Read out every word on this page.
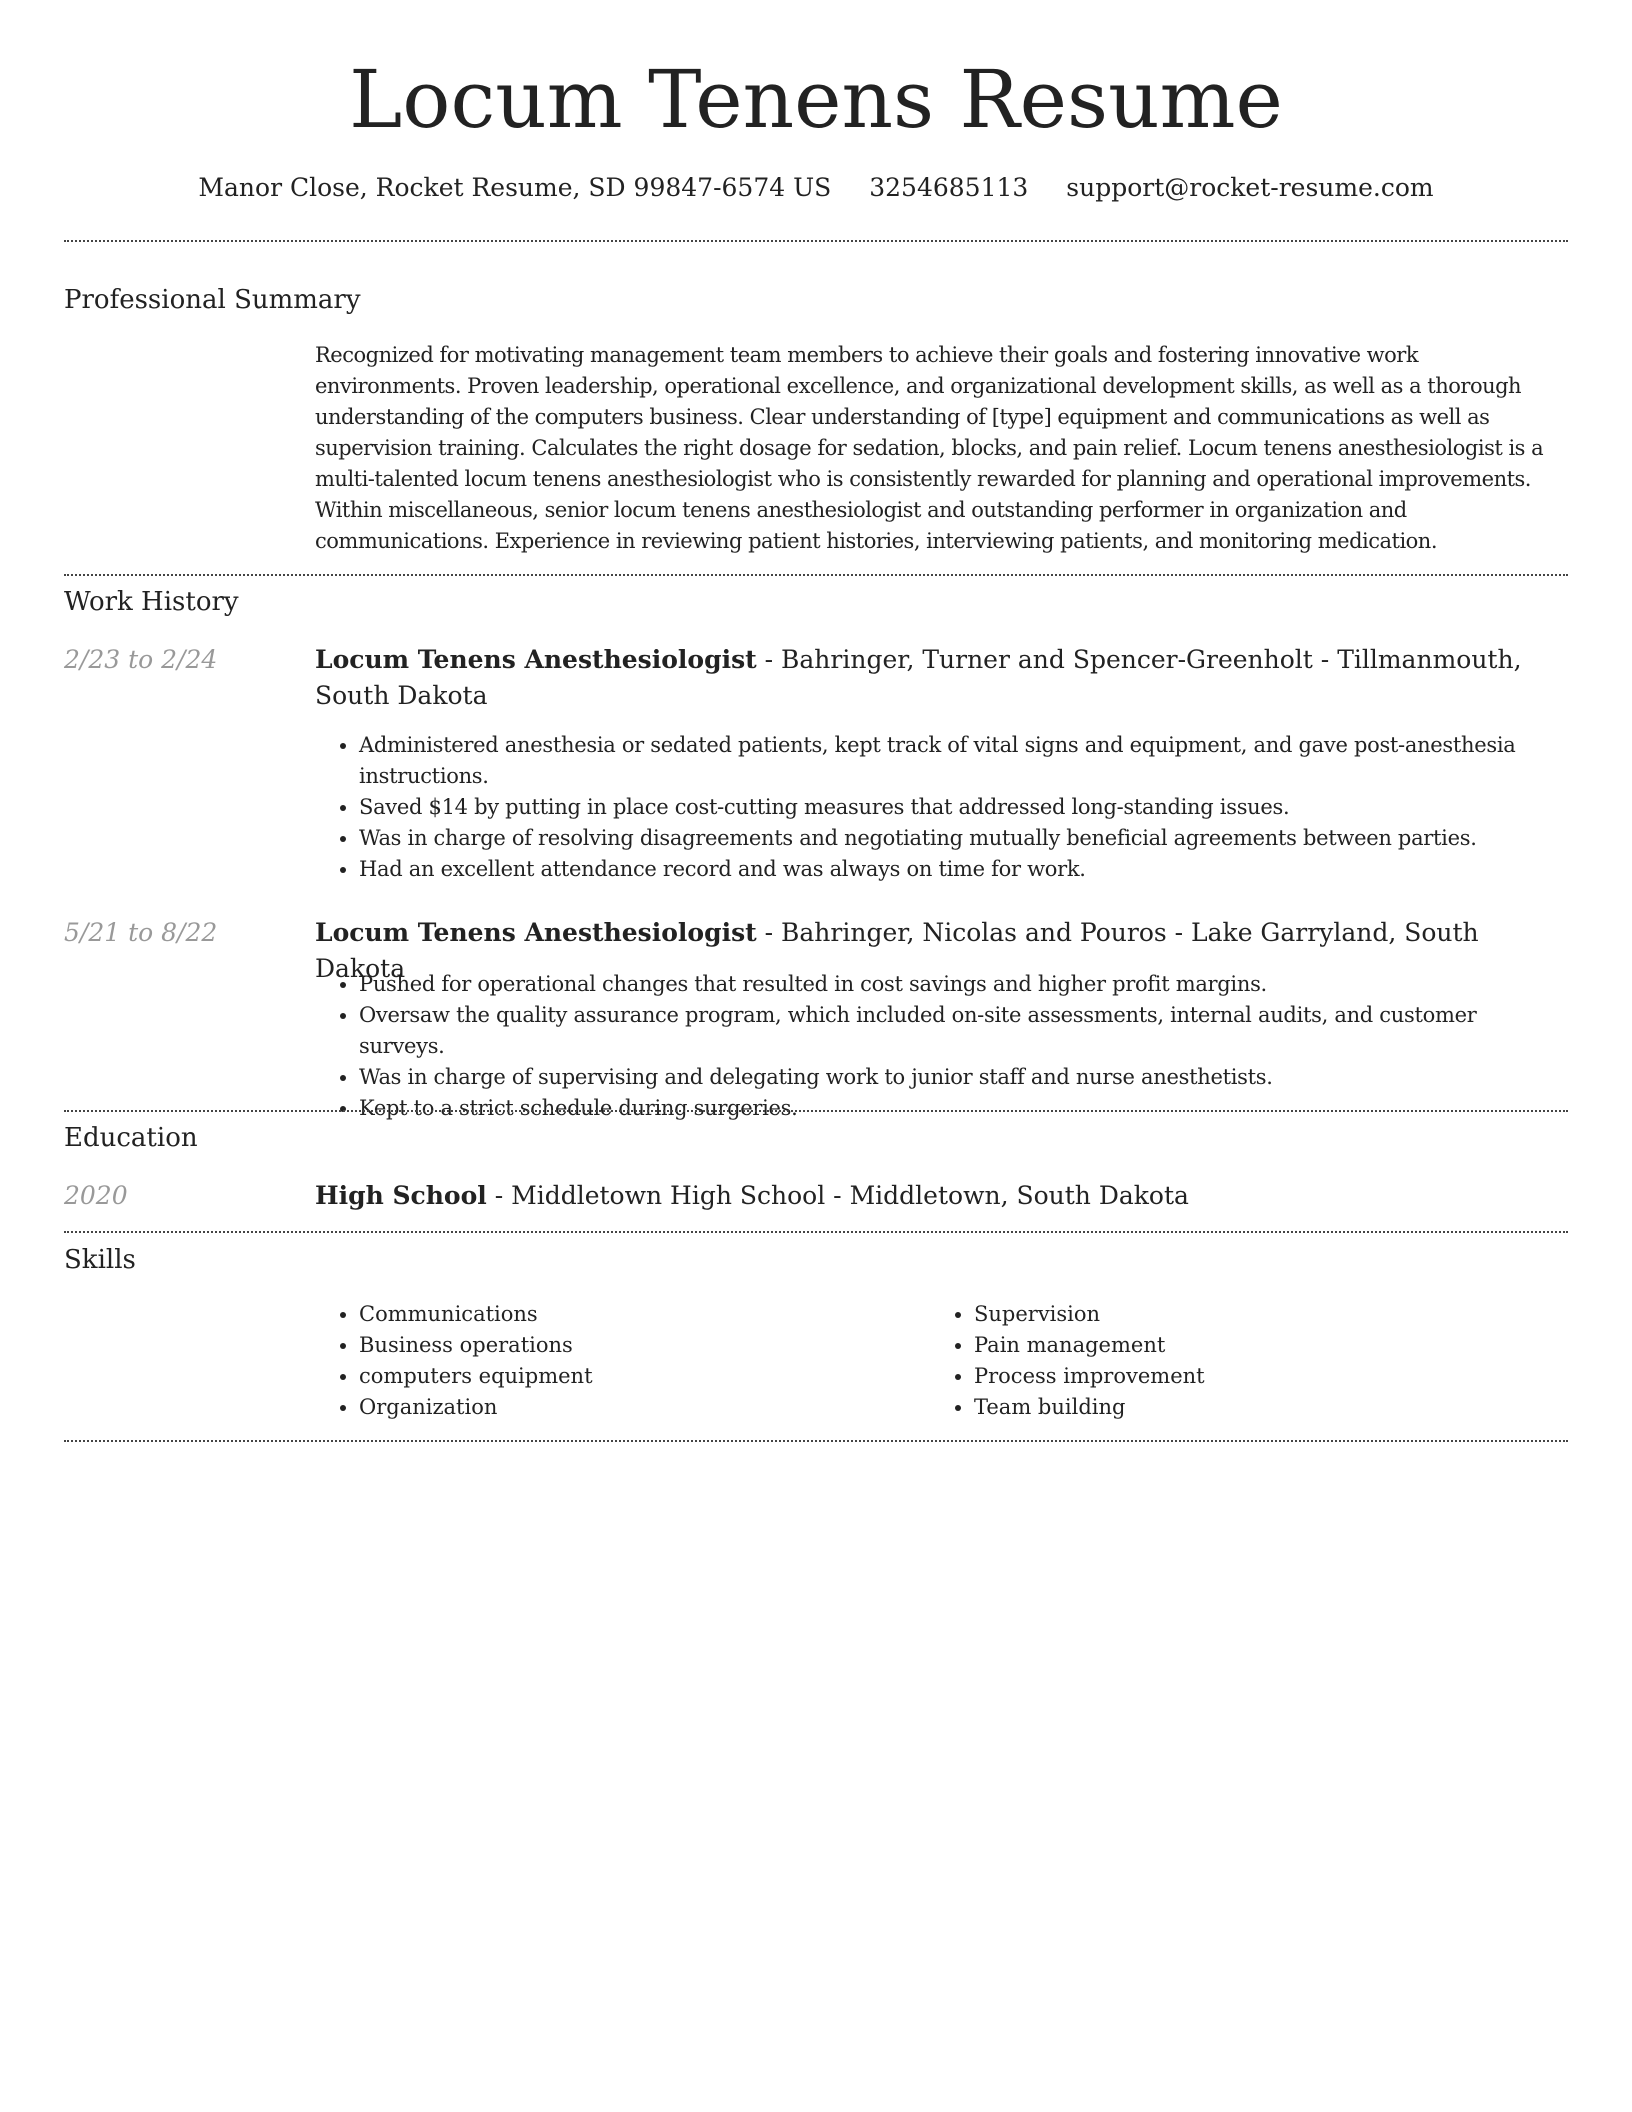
Locum Tenens Resume
Manor Close, Rocket Resume, SD 99847-6574 US 3254685113 support@rocket-resume.com
Professional Summary
Recognized for motivating management team members to achieve their goals and fostering innovative work environments. Proven leadership, operational excellence, and organizational development skills, as well as a thorough understanding of the computers business. Clear understanding of [type] equipment and communications as well as supervision training. Calculates the right dosage for sedation, blocks, and pain relief. Locum tenens anesthesiologist is a multi-talented locum tenens anesthesiologist who is consistently rewarded for planning and operational improvements. Within miscellaneous, senior locum tenens anesthesiologist and outstanding performer in organization and communications. Experience in reviewing patient histories, interviewing patients, and monitoring medication.
Work History
2/23 to 2/24	Locum Tenens Anesthesiologist - Bahringer, Turner and Spencer-Greenholt - Tillmanmouth, South Dakota
• Administered anesthesia or sedated patients, kept track of vital signs and equipment, and gave post-anesthesia instructions.
• Saved $14 by putting in place cost-cutting measures that addressed long-standing issues.
• Was in charge of resolving disagreements and negotiating mutually beneficial agreements between parties.
• Had an excellent attendance record and was always on time for work.
5/21 to 8/22	Locum Tenens Anesthesiologist - Bahringer, Nicolas and Pouros - Lake Garryland, South Dakota
• Pushed for operational changes that resulted in cost savings and higher profit margins.
• Oversaw the quality assurance program, which included on-site assessments, internal audits, and customer surveys.
• Was in charge of supervising and delegating work to junior staff and nurse anesthetists.
• Kept to a strict schedule during surgeries.
Education
2020	High School - Middletown High School - Middletown, South Dakota
Skills
• Communications
• Business operations
• computers equipment
• Organization
• Supervision
• Pain management
• Process improvement
• Team building
